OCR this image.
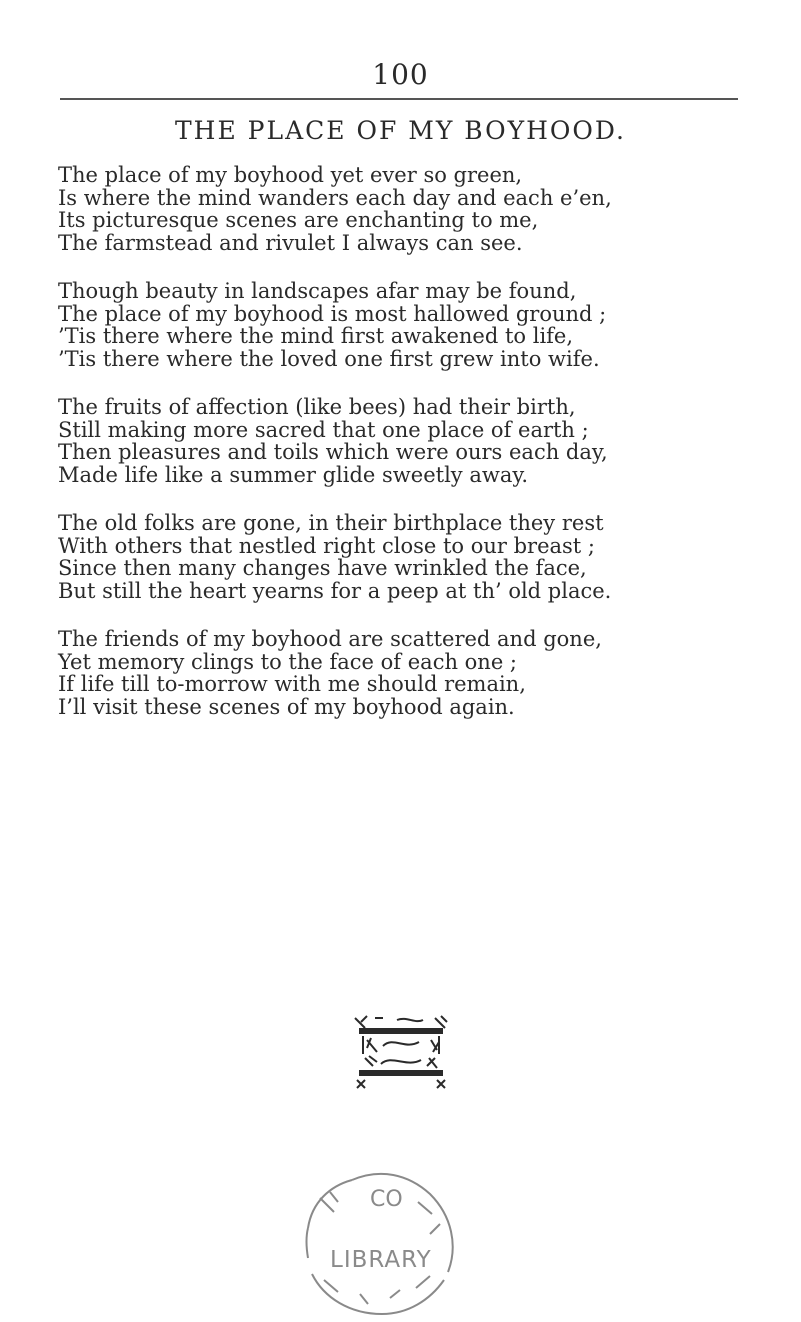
100
THE PLACE OF MY BOYHOOD.
The place of my boyhood yet ever so green,
Is where the mind wanders each day and each e’en,
Its picturesque scenes are enchanting to me,
The farmstead and rivulet I always can see.
Though beauty in landscapes afar may be found,
The place of my boyhood is most hallowed ground ;
’Tis there where the mind first awakened to life,
’Tis there where the loved one first grew into wife.
The fruits of affection (like bees) had their birth,
Still making more sacred that one place of earth ;
Then pleasures and toils which were ours each day,
Made life like a summer glide sweetly away.
The old folks are gone, in their birthplace they rest
With others that nestled right close to our breast ;
Since then many changes have wrinkled the face,
But still the heart yearns for a peep at th’ old place.
The friends of my boyhood are scattered and gone,
Yet memory clings to the face of each one ;
If life till to-morrow with me should remain,
I’ll visit these scenes of my boyhood again.
CO
LIBRARY
